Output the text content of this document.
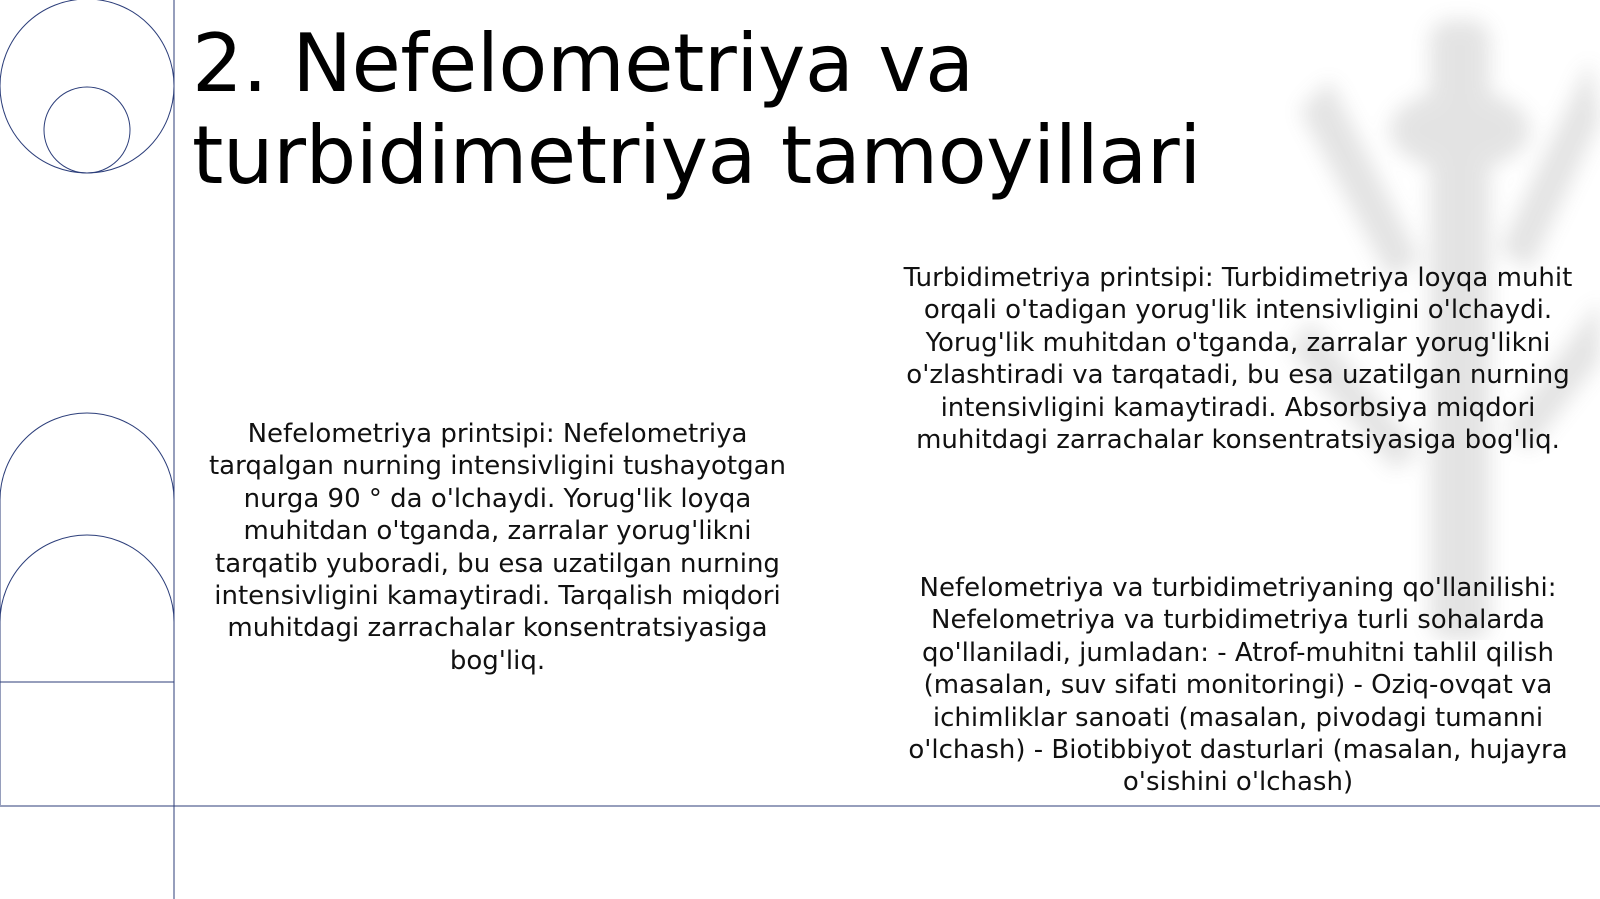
2. Nefelometriya va turbidimetriya tamoyillari

Nefelometriya printsipi: Nefelometriya tarqalgan nurning intensivligini tushayotgan nurga 90 ° da o'lchaydi. Yorug'lik loyqa muhitdan o'tganda, zarralar yorug'likni tarqatib yuboradi, bu esa uzatilgan nurning intensivligini kamaytiradi. Tarqalish miqdori muhitdagi zarrachalar konsentratsiyasiga bog'liq.

Turbidimetriya printsipi: Turbidimetriya loyqa muhit orqali o'tadigan yorug'lik intensivligini o'lchaydi. Yorug'lik muhitdan o'tganda, zarralar yorug'likni o'zlashtiradi va tarqatadi, bu esa uzatilgan nurning intensivligini kamaytiradi. Absorbsiya miqdori muhitdagi zarrachalar konsentratsiyasiga bog'liq.

Nefelometriya va turbidimetriyaning qo'llanilishi: Nefelometriya va turbidimetriya turli sohalarda qo'llaniladi, jumladan: - Atrof-muhitni tahlil qilish (masalan, suv sifati monitoringi) - Oziq-ovqat va ichimliklar sanoati (masalan, pivodagi tumanni o'lchash) - Biotibbiyot dasturlari (masalan, hujayra o'sishini o'lchash)
